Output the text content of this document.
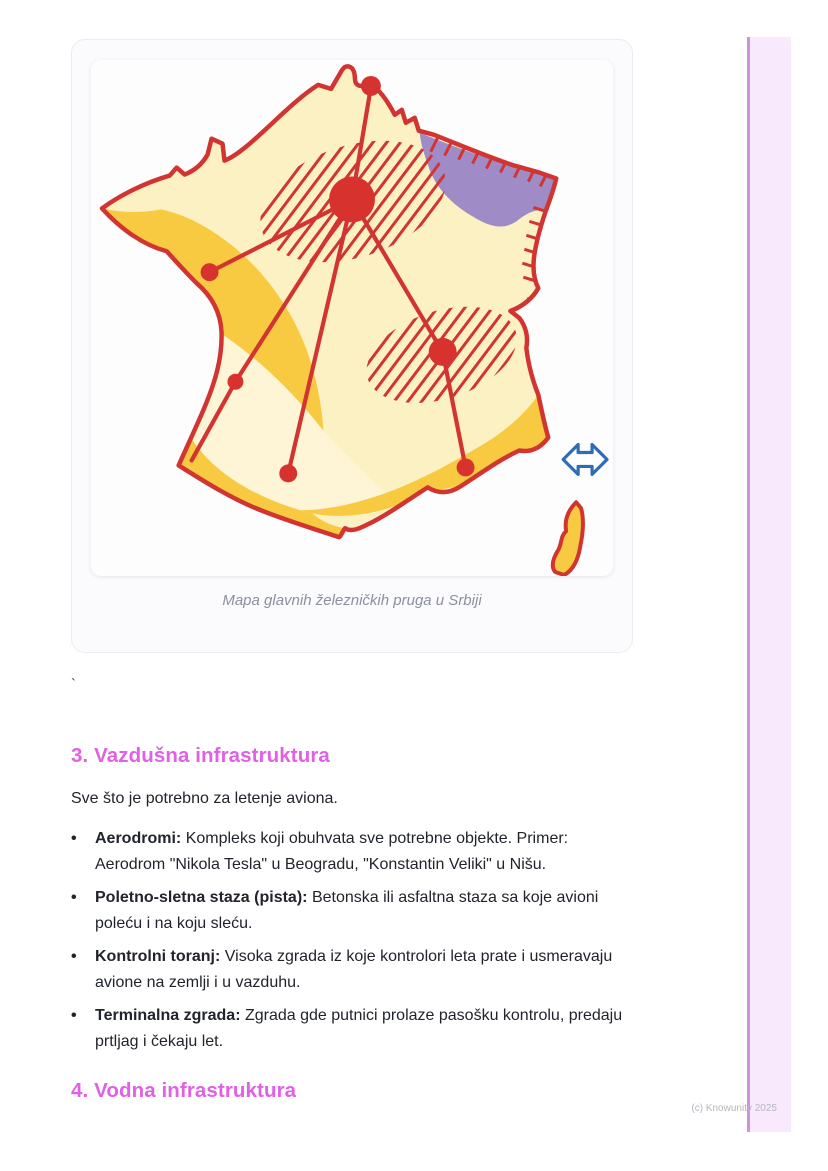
Mapa glavnih železničkih pruga u Srbiji
`
3. Vazdušna infrastruktura

Sve što je potrebno za letenje aviona.

•	Aerodromi: Kompleks koji obuhvata sve potrebne objekte. Primer: Aerodrom "Nikola Tesla" u Beogradu, "Konstantin Veliki" u Nišu.
•	Poletno-sletna staza (pista): Betonska ili asfaltna staza sa koje avioni poleću i na koju sleću.
•	Kontrolni toranj: Visoka zgrada iz koje kontrolori leta prate i usmeravaju avione na zemlji i u vazduhu.
•	Terminalna zgrada: Zgrada gde putnici prolaze pasošku kontrolu, predaju prtljag i čekaju let.
4. Vodna infrastruktura
(c) Knowunity 2025
